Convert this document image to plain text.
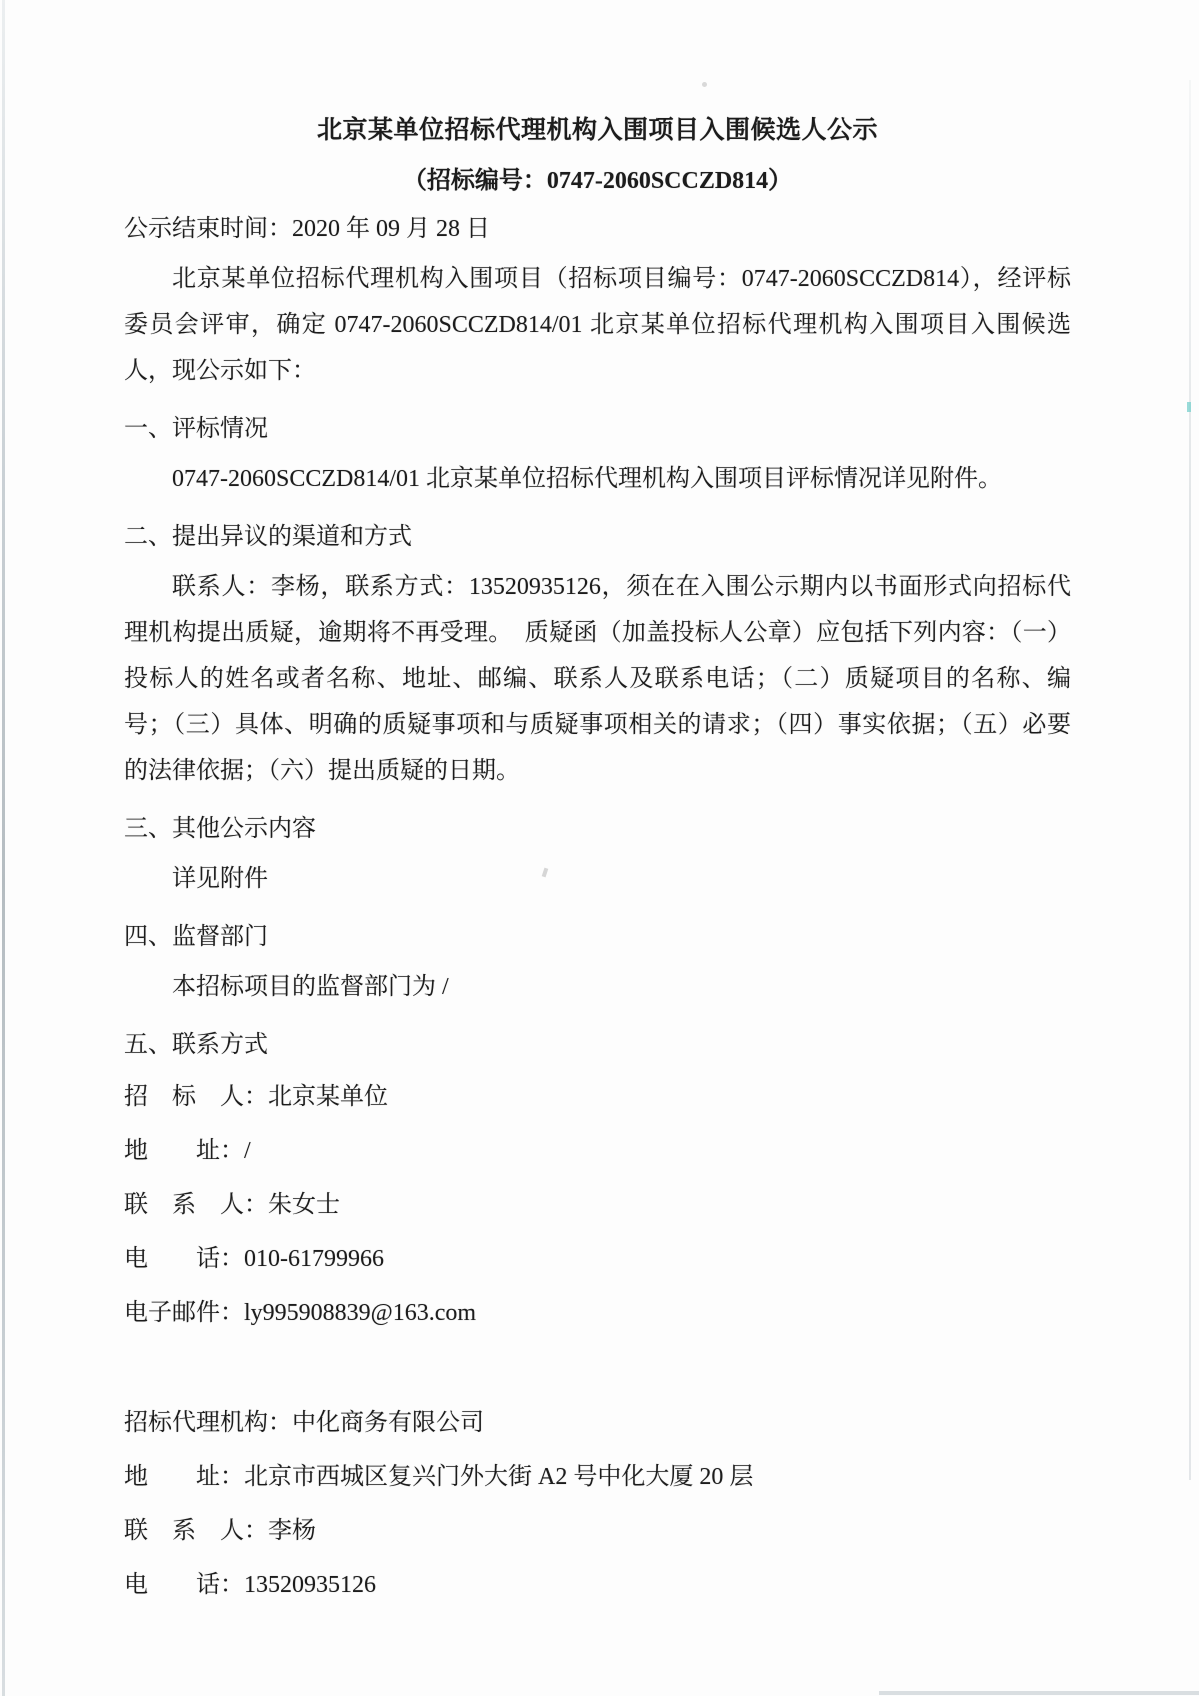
北京某单位招标代理机构入围项目入围候选人公示
（招标编号：0747-2060SCCZD814）

公示结束时间：2020 年 09 月 28 日

北京某单位招标代理机构入围项目（招标项目编号：0747-2060SCCZD814），经评标委员会评审，确定 0747-2060SCCZD814/01 北京某单位招标代理机构入围项目入围候选人，现公示如下：

一、评标情况

0747-2060SCCZD814/01 北京某单位招标代理机构入围项目评标情况详见附件。

二、提出异议的渠道和方式

联系人：李杨，联系方式：13520935126，须在在入围公示期内以书面形式向招标代理机构提出质疑，逾期将不再受理。　质疑函（加盖投标人公章）应包括下列内容：（一）投标人的姓名或者名称、地址、邮编、联系人及联系电话；（二）质疑项目的名称、编号；（三）具体、明确的质疑事项和与质疑事项相关的请求；（四）事实依据；（五）必要的法律依据；（六）提出质疑的日期。

三、其他公示内容

详见附件

四、监督部门

本招标项目的监督部门为 /

五、联系方式

招　标　人：北京某单位

地　　址：/

联　系　人：朱女士

电　　话：010-61799966

电子邮件：ly995908839@163.com

招标代理机构：中化商务有限公司

地　　址：北京市西城区复兴门外大街 A2 号中化大厦 20 层

联　系　人：李杨

电　　话：13520935126
